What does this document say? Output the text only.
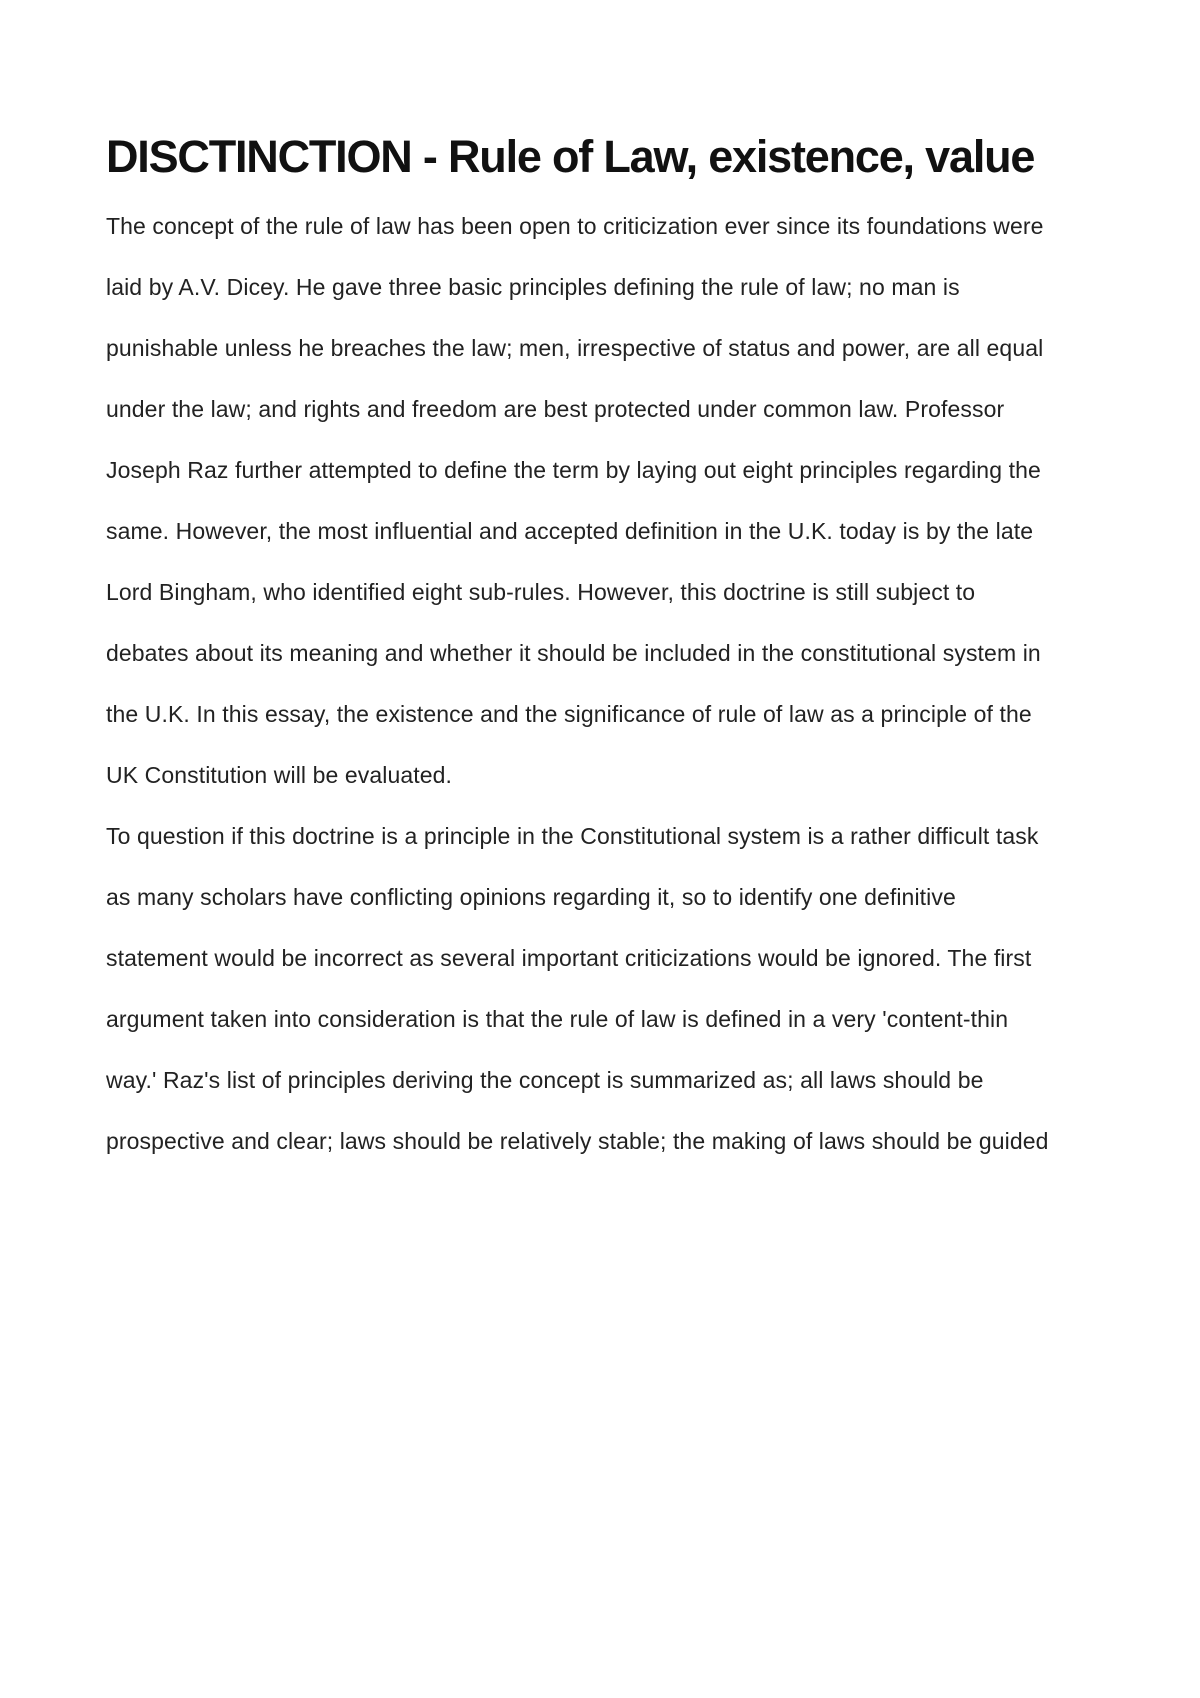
DISCTINCTION - Rule of Law, existence, value

The concept of the rule of law has been open to criticization ever since its foundations were

laid by A.V. Dicey. He gave three basic principles defining the rule of law; no man is

punishable unless he breaches the law; men, irrespective of status and power, are all equal

under the law; and rights and freedom are best protected under common law. Professor

Joseph Raz further attempted to define the term by laying out eight principles regarding the

same. However, the most influential and accepted definition in the U.K. today is by the late

Lord Bingham, who identified eight sub-rules. However, this doctrine is still subject to

debates about its meaning and whether it should be included in the constitutional system in

the U.K. In this essay, the existence and the significance of rule of law as a principle of the

UK Constitution will be evaluated.

To question if this doctrine is a principle in the Constitutional system is a rather difficult task

as many scholars have conflicting opinions regarding it, so to identify one definitive

statement would be incorrect as several important criticizations would be ignored. The first

argument taken into consideration is that the rule of law is defined in a very 'content-thin

way.' Raz's list of principles deriving the concept is summarized as; all laws should be

prospective and clear; laws should be relatively stable; the making of laws should be guided
